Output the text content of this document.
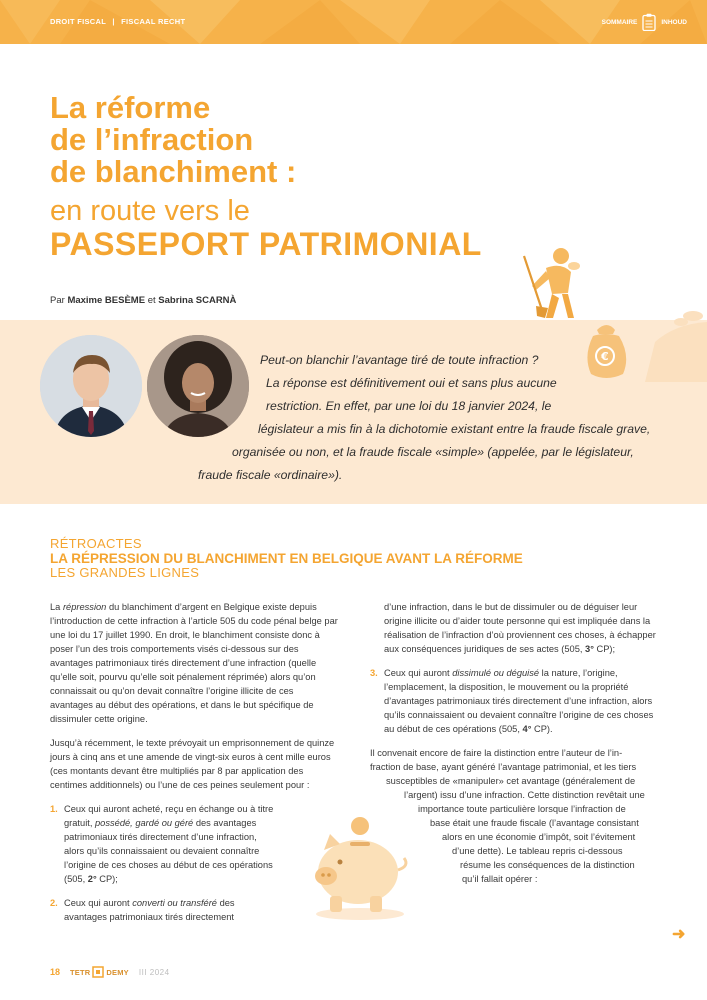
DROIT FISCAL | FISCAAL RECHT	SOMMAIRE	INHOUD
La réforme
de l’infraction
de blanchiment :
en route vers le
PASSEPORT PATRIMONIAL
Par Maxime BESÈME et Sabrina SCARNÀ
€
Peut-on blanchir l’avantage tiré de toute infraction ?
La réponse est définitivement oui et sans plus aucune
restriction. En effet, par une loi du 18 janvier 2024, le
législateur a mis fin à la dichotomie existant entre la fraude fiscale grave,
organisée ou non, et la fraude fiscale «simple» (appelée, par le législateur,
fraude fiscale «ordinaire»).
RÉTROACTES
LA RÉPRESSION DU BLANCHIMENT EN BELGIQUE AVANT LA RÉFORME
LES GRANDES LIGNES

La répression du blanchiment d’argent en Belgique existe depuis l’introduction de cette infraction à l’article 505 du code pénal belge par une loi du 17 juillet 1990. En droit, le blanchiment consiste donc à poser l’un des trois comportements visés ci-dessous sur des avantages patrimoniaux tirés directement d’une infraction (quelle qu’elle soit, pourvu qu’elle soit pénalement réprimée) alors qu’on connaissait ou qu’on devait connaître l’origine illicite de ces avantages au début des opérations, et dans le but spécifique de dissimuler cette origine.

Jusqu’à récemment, le texte prévoyait un emprisonnement de quinze jours à cinq ans et une amende de vingt-six euros à cent mille euros (ces montants devant être multipliés par 8 par application des centimes additionnels) ou l’une de ces peines seulement pour :

1. Ceux qui auront acheté, reçu en échange ou à titre gratuit, possédé, gardé ou géré des avantages patrimoniaux tirés directement d’une infraction, alors qu’ils connaissaient ou devaient connaître l’origine de ces choses au début de ces opérations (505, 2° CP);
2. Ceux qui auront converti ou transféré des avantages patrimoniaux tirés directement

d’une infraction, dans le but de dissimuler ou de déguiser leur origine illicite ou d’aider toute personne qui est impliquée dans la réalisation de l’infraction d’où proviennent ces choses, à échapper aux conséquences juridiques de ses actes (505, 3° CP);

3. Ceux qui auront dissimulé ou déguisé la nature, l’origine, l’emplacement, la disposition, le mouvement ou la propriété d’avantages patrimoniaux tirés directement d’une infraction, alors qu’ils connaissaient ou devaient connaître l’origine de ces choses au début de ces opérations (505, 4° CP).
Il convenait encore de faire la distinction entre l’auteur de l’in-
fraction de base, ayant généré l’avantage patrimonial, et les tiers
susceptibles de «manipuler» cet avantage (généralement de
l’argent) issu d’une infraction. Cette distinction revêtait une
importance toute particulière lorsque l’infraction de
base était une fraude fiscale (l’avantage consistant
alors en une économie d’impôt, soit l’évitement
d’une dette). Le tableau repris ci-dessous
résume les conséquences de la distinction
qu’il fallait opérer :
➜
18 TETR DEMY III 2024
